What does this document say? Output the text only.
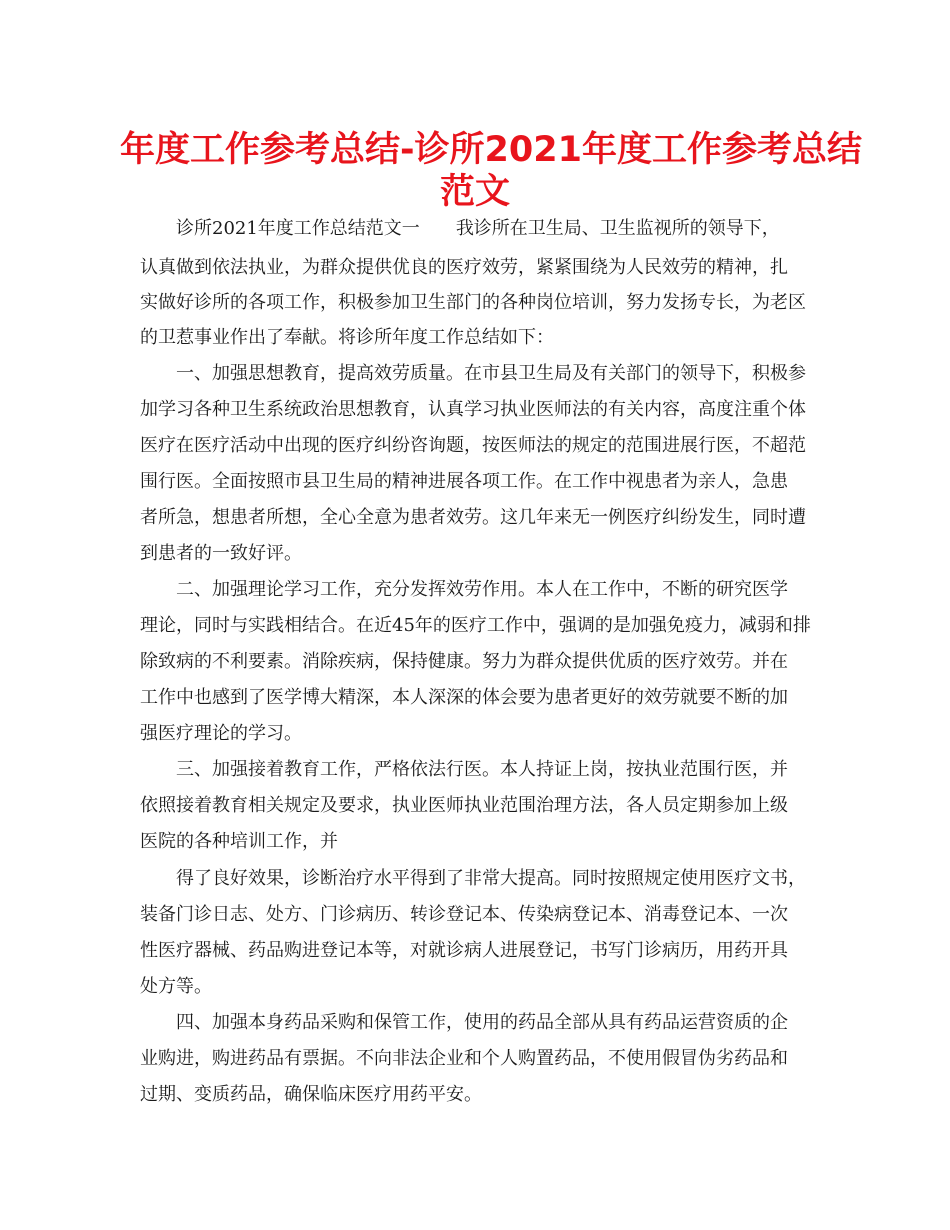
年度工作参考总结-诊所2021年度工作参考总结
范文

诊所2021年度工作总结范文一 我诊所在卫生局、卫生监视所的领导下，

认真做到依法执业，为群众提供优良的医疗效劳，紧紧围绕为人民效劳的精神，扎

实做好诊所的各项工作，积极参加卫生部门的各种岗位培训，努力发扬专长，为老区

的卫惹事业作出了奉献。将诊所年度工作总结如下：

一、加强思想教育，提高效劳质量。在市县卫生局及有关部门的领导下，积极参

加学习各种卫生系统政治思想教育，认真学习执业医师法的有关内容，高度注重个体

医疗在医疗活动中出现的医疗纠纷咨询题，按医师法的规定的范围进展行医，不超范

围行医。全面按照市县卫生局的精神进展各项工作。在工作中视患者为亲人，急患

者所急，想患者所想，全心全意为患者效劳。这几年来无一例医疗纠纷发生，同时遭

到患者的一致好评。

二、加强理论学习工作，充分发挥效劳作用。本人在工作中，不断的研究医学

理论，同时与实践相结合。在近45年的医疗工作中，强调的是加强免疫力，减弱和排

除致病的不利要素。消除疾病，保持健康。努力为群众提供优质的医疗效劳。并在

工作中也感到了医学博大精深，本人深深的体会要为患者更好的效劳就要不断的加

强医疗理论的学习。

三、加强接着教育工作，严格依法行医。本人持证上岗，按执业范围行医，并

依照接着教育相关规定及要求，执业医师执业范围治理方法，各人员定期参加上级

医院的各种培训工作，并

得了良好效果，诊断治疗水平得到了非常大提高。同时按照规定使用医疗文书，

装备门诊日志、处方、门诊病历、转诊登记本、传染病登记本、消毒登记本、一次

性医疗器械、药品购进登记本等，对就诊病人进展登记，书写门诊病历，用药开具

处方等。

四、加强本身药品采购和保管工作，使用的药品全部从具有药品运营资质的企

业购进，购进药品有票据。不向非法企业和个人购置药品，不使用假冒伪劣药品和

过期、变质药品，确保临床医疗用药平安。
